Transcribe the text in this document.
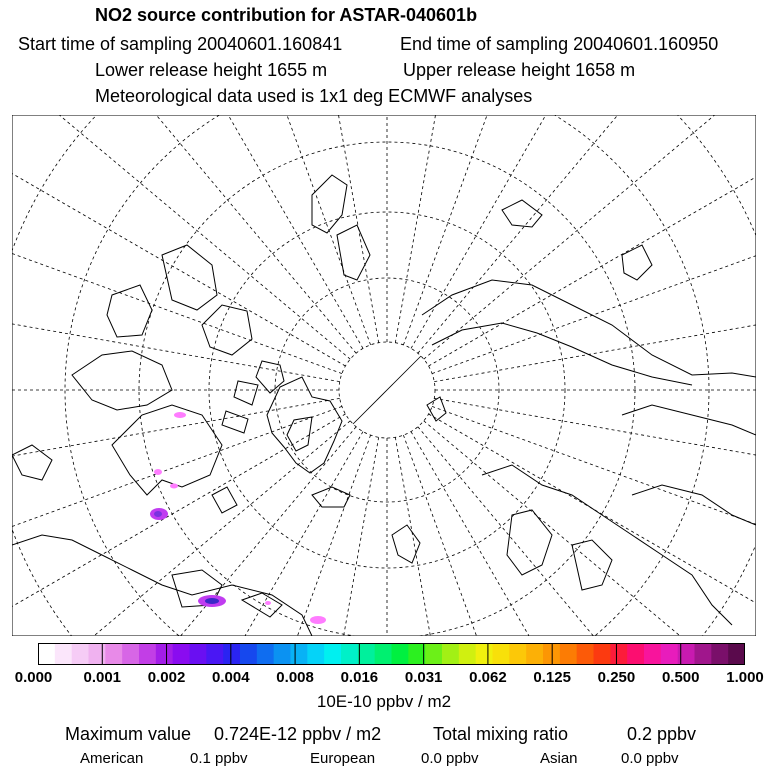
NO2 source contribution for ASTAR-040601b
Start time of sampling 20040601.160841	End time of sampling 20040601.160950
Lower release height 1655 m	Upper release height 1658 m
Meteorological data used is 1x1 deg ECMWF analyses
0.000 0.001 0.002 0.004 0.008 0.016 0.031 0.062 0.125 0.250 0.500 1.000
10E-10 ppbv / m2
Maximum value 0.724E-12 ppbv / m2	Total mixing ratio	0.2 ppbv
American	0.1 ppbv	European	0.0 ppbv	Asian	0.0 ppbv
